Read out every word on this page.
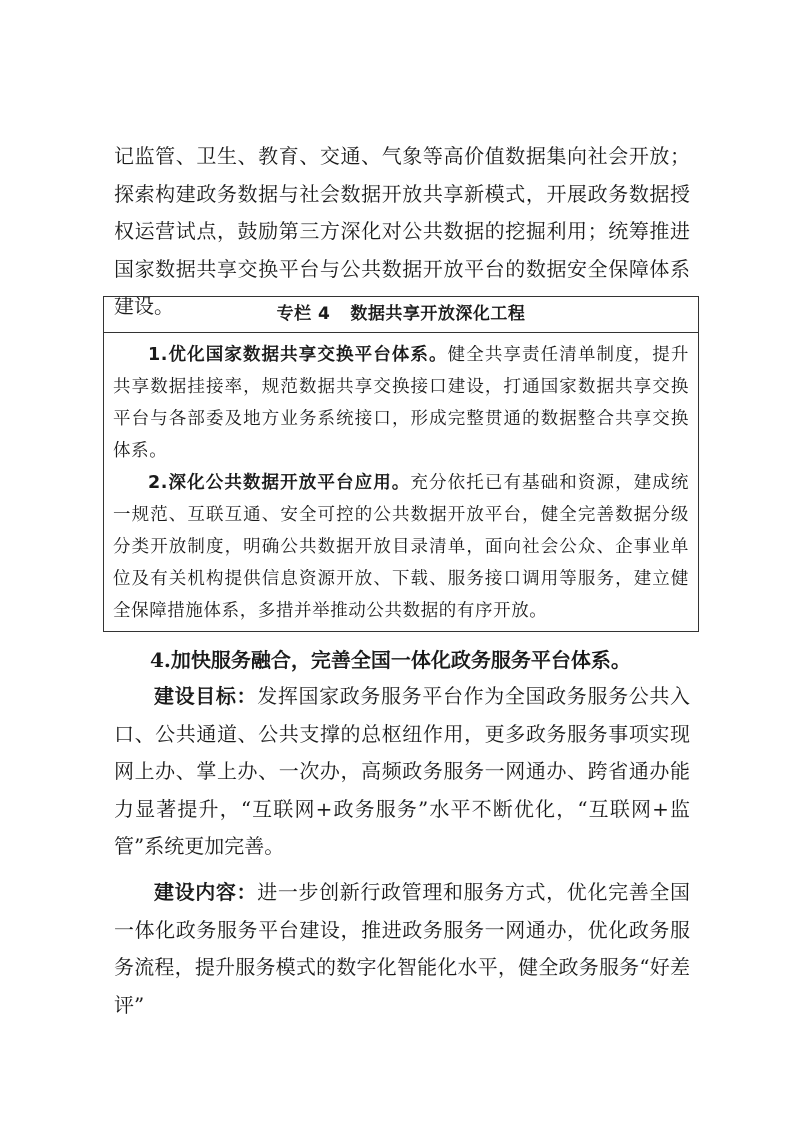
记监管、卫生、教育、交通、气象等高价值数据集向社会开放；探索构建政务数据与社会数据开放共享新模式，开展政务数据授权运营试点，鼓励第三方深化对公共数据的挖掘利用；统筹推进国家数据共享交换平台与公共数据开放平台的数据安全保障体系建设。	专栏 4 数据共享开放深化工程

1.优化国家数据共享交换平台体系。健全共享责任清单制度，提升共享数据挂接率，规范数据共享交换接口建设，打通国家数据共享交换平台与各部委及地方业务系统接口，形成完整贯通的数据整合共享交换体系。

2.深化公共数据开放平台应用。充分依托已有基础和资源，建成统一规范、互联互通、安全可控的公共数据开放平台，健全完善数据分级分类开放制度，明确公共数据开放目录清单，面向社会公众、企事业单位及有关机构提供信息资源开放、下载、服务接口调用等服务，建立健全保障措施体系，多措并举推动公共数据的有序开放。

4.加快服务融合，完善全国一体化政务服务平台体系。

建设目标：发挥国家政务服务平台作为全国政务服务公共入口、公共通道、公共支撑的总枢纽作用，更多政务服务事项实现网上办、掌上办、一次办，高频政务服务一网通办、跨省通办能力显著提升，“互联网+政务服务”水平不断优化，“互联网+监管”系统更加完善。

建设内容：进一步创新行政管理和服务方式，优化完善全国一体化政务服务平台建设，推进政务服务一网通办，优化政务服务流程，提升服务模式的数字化智能化水平，健全政务服务“好差评”
